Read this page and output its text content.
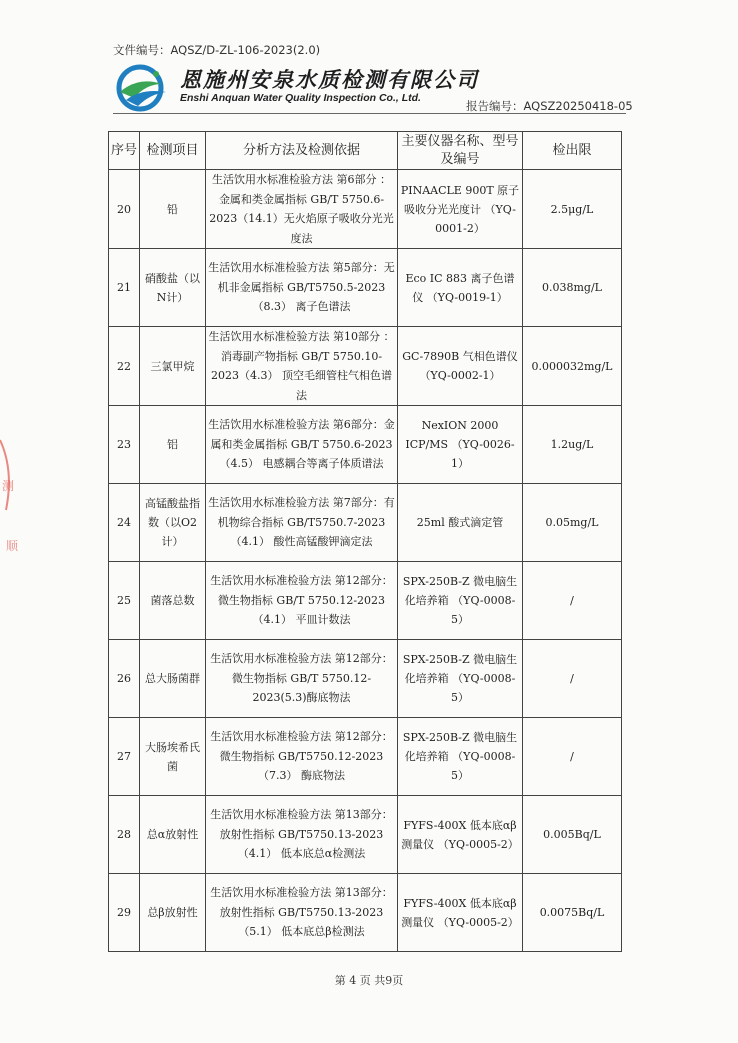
文件编号：AQSZ/D-ZL-106-2023(2.0)
恩施州安泉水质检测有限公司
Enshi Anquan Water Quality Inspection Co., Ltd.
报告编号：AQSZ20250418-05
测
顺
序号	检测项目	分析方法及检测依据	主要仪器名称、型号及编号	检出限
20	铅	生活饮用水标准检验方法 第6部分 ：金属和类金属指标 GB/T 5750.6-2023（14.1）无火焰原子吸收分光光度法	PINAACLE 900T 原子吸收分光光度计 （YQ-0001-2）	2.5μg/L
21	硝酸盐（以N计）	生活饮用水标准检验方法 第5部分：无机非金属指标 GB/T5750.5-2023（8.3） 离子色谱法	Eco IC 883 离子色谱仪 （YQ-0019-1）	0.038mg/L
22	三氯甲烷	生活饮用水标准检验方法 第10部分 ：消毒副产物指标 GB/T 5750.10-2023（4.3） 顶空毛细管柱气相色谱法	GC-7890B 气相色谱仪 （YQ-0002-1）	0.000032mg/L
23	铝	生活饮用水标准检验方法 第6部分：金属和类金属指标 GB/T 5750.6-2023（4.5） 电感耦合等离子体质谱法	NexION 2000 ICP/MS （YQ-0026-1）	1.2ug/L
24	高锰酸盐指数（以O2计）	生活饮用水标准检验方法 第7部分：有机物综合指标 GB/T5750.7-2023（4.1） 酸性高锰酸钾滴定法	25ml 酸式滴定管	0.05mg/L
25	菌落总数	生活饮用水标准检验方法 第12部分：微生物指标 GB/T 5750.12-2023（4.1） 平皿计数法	SPX-250B-Z 微电脑生化培养箱 （YQ-0008-5）	/
26	总大肠菌群	生活饮用水标准检验方法 第12部分：微生物指标 GB/T 5750.12-2023(5.3)酶底物法	SPX-250B-Z 微电脑生化培养箱 （YQ-0008-5）	/
27	大肠埃希氏菌	生活饮用水标准检验方法 第12部分：微生物指标 GB/T5750.12-2023（7.3） 酶底物法	SPX-250B-Z 微电脑生化培养箱 （YQ-0008-5）	/
28	总α放射性	生活饮用水标准检验方法 第13部分：放射性指标 GB/T5750.13-2023（4.1） 低本底总α检测法	FYFS-400X 低本底αβ测量仪 （YQ-0005-2）	0.005Bq/L
29	总β放射性	生活饮用水标准检验方法 第13部分：放射性指标 GB/T5750.13-2023（5.1） 低本底总β检测法	FYFS-400X 低本底αβ测量仪 （YQ-0005-2）	0.0075Bq/L
第 4 页 共9页
